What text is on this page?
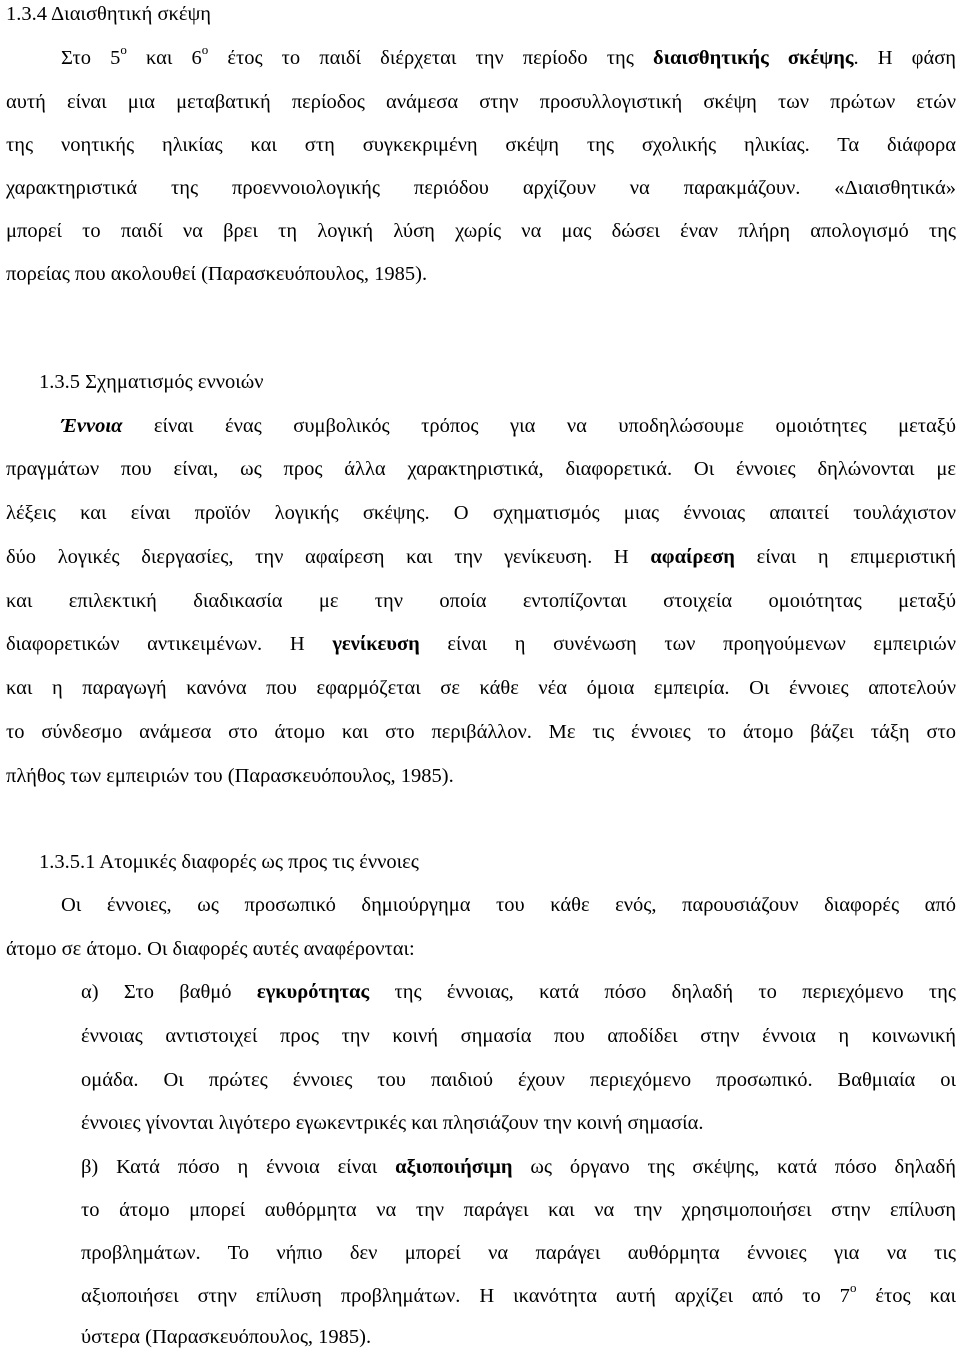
1.3.4 Διαισθητική σκέψη
Στο $5^o$ και $6^o$ έτος το παιδί διέρχεται την περίοδο της διαισθητικής σκέψης. Η φάση
αυτή είναι μια μεταβατική περίοδος ανάμεσα στην προσυλλογιστική σκέψη των πρώτων ετών
της νοητικής ηλικίας και στη συγκεκριμένη σκέψη της σχολικής ηλικίας. Τα διάφορα
χαρακτηριστικά της προεννοιολογικής περιόδου αρχίζουν να παρακμάζουν. «Διαισθητικά»
μπορεί το παιδί να βρει τη λογική λύση χωρίς να μας δώσει έναν πλήρη απολογισμό της
πορείας που ακολουθεί (Παρασκευόπουλος, 1985).
1.3.5 Σχηματισμός εννοιών
Έννοια είναι ένας συμβολικός τρόπος για να υποδηλώσουμε ομοιότητες μεταξύ
πραγμάτων που είναι, ως προς άλλα χαρακτηριστικά, διαφορετικά. Οι έννοιες δηλώνονται με
λέξεις και είναι προϊόν λογικής σκέψης. Ο σχηματισμός μιας έννοιας απαιτεί τουλάχιστον
δύο λογικές διεργασίες, την αφαίρεση και την γενίκευση. Η αφαίρεση είναι η επιμεριστική
και επιλεκτική διαδικασία με την οποία εντοπίζονται στοιχεία ομοιότητας μεταξύ
διαφορετικών αντικειμένων. Η γενίκευση είναι η συνένωση των προηγούμενων εμπειριών
και η παραγωγή κανόνα που εφαρμόζεται σε κάθε νέα όμοια εμπειρία. Οι έννοιες αποτελούν
το σύνδεσμο ανάμεσα στο άτομο και στο περιβάλλον. Με τις έννοιες το άτομο βάζει τάξη στο
πλήθος των εμπειριών του (Παρασκευόπουλος, 1985).
1.3.5.1 Ατομικές διαφορές ως προς τις έννοιες
Οι έννοιες, ως προσωπικό δημιούργημα του κάθε ενός, παρουσιάζουν διαφορές από
άτομο σε άτομο. Οι διαφορές αυτές αναφέρονται:
α) Στο βαθμό εγκυρότητας της έννοιας, κατά πόσο δηλαδή το περιεχόμενο της
έννοιας αντιστοιχεί προς την κοινή σημασία που αποδίδει στην έννοια η κοινωνική
ομάδα. Οι πρώτες έννοιες του παιδιού έχουν περιεχόμενο προσωπικό. Βαθμιαία οι
έννοιες γίνονται λιγότερο εγωκεντρικές και πλησιάζουν την κοινή σημασία.
β) Κατά πόσο η έννοια είναι αξιοποιήσιμη ως όργανο της σκέψης, κατά πόσο δηλαδή
το άτομο μπορεί αυθόρμητα να την παράγει και να την χρησιμοποιήσει στην επίλυση
προβλημάτων. Το νήπιο δεν μπορεί να παράγει αυθόρμητα έννοιες για να τις
αξιοποιήσει στην επίλυση προβλημάτων. Η ικανότητα αυτή αρχίζει από το $7^o$ έτος και
ύστερα (Παρασκευόπουλος, 1985).
